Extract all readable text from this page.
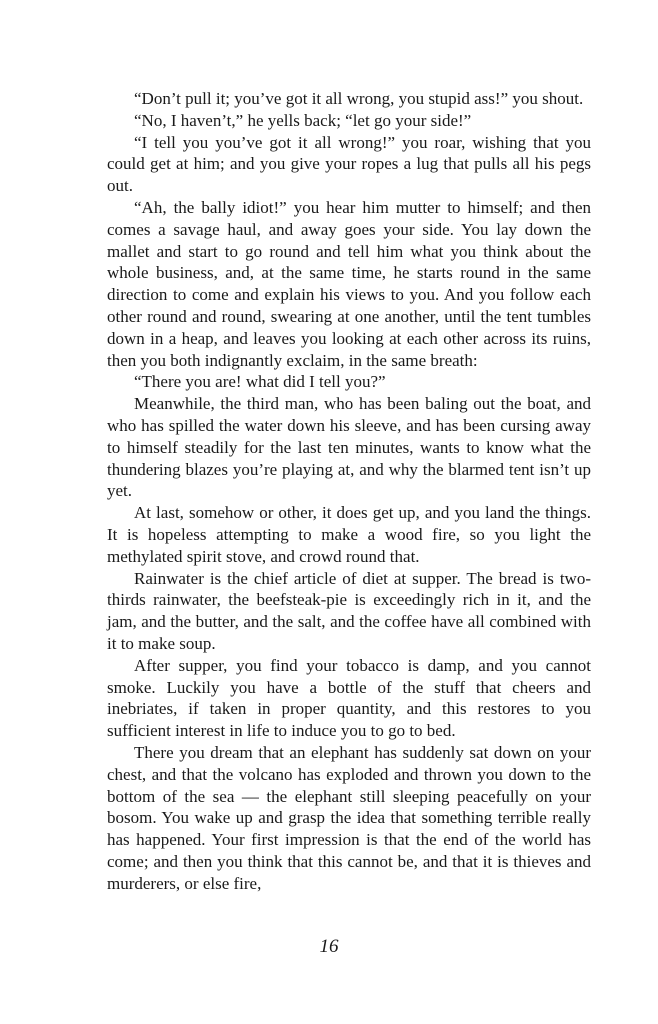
“Don’t pull it; you’ve got it all wrong, you stupid ass!” you shout.

“No, I haven’t,” he yells back; “let go your side!”

“I tell you you’ve got it all wrong!” you roar, wishing that you could get at him; and you give your ropes a lug that pulls all his pegs out.

“Ah, the bally idiot!” you hear him mutter to himself; and then comes a savage haul, and away goes your side. You lay down the mallet and start to go round and tell him what you think about the whole business, and, at the same time, he starts round in the same direction to come and explain his views to you. And you follow each other round and round, swearing at one another, until the tent tumbles down in a heap, and leaves you looking at each other across its ruins, then you both indignantly exclaim, in the same breath:

“There you are! what did I tell you?”

Meanwhile, the third man, who has been baling out the boat, and who has spilled the water down his sleeve, and has been cursing away to himself steadily for the last ten minutes, wants to know what the thundering blazes you’re playing at, and why the blarmed tent isn’t up yet.

At last, somehow or other, it does get up, and you land the things. It is hopeless attempting to make a wood fire, so you light the methylated spirit stove, and crowd round that.

Rainwater is the chief article of diet at supper. The bread is two-thirds rainwater, the beefsteak-pie is exceedingly rich in it, and the jam, and the butter, and the salt, and the coffee have all combined with it to make soup.

After supper, you find your tobacco is damp, and you cannot smoke. Luckily you have a bottle of the stuff that cheers and inebriates, if taken in proper quantity, and this restores to you sufficient interest in life to induce you to go to bed.

There you dream that an elephant has suddenly sat down on your chest, and that the volcano has exploded and thrown you down to the bottom of the sea — the elephant still sleeping peacefully on your bosom. You wake up and grasp the idea that something terrible really has happened. Your first impression is that the end of the world has come; and then you think that this cannot be, and that it is thieves and murderers, or else fire,

16
